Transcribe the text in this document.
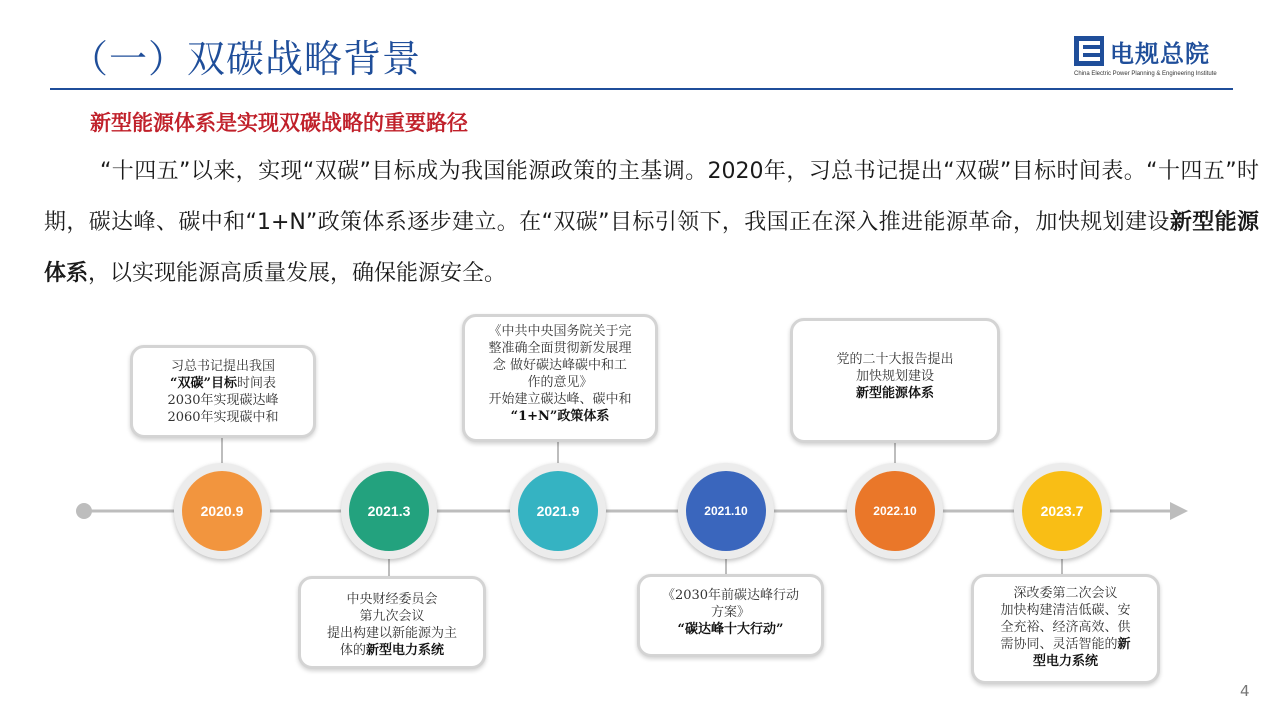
（一）双碳战略背景	电规总院
China Electric Power Planning & Engineering Institute
新型能源体系是实现双碳战略的重要路径
“十四五”以来，实现“双碳”目标成为我国能源政策的主基调。2020年，习总书记提出“双碳”目标时间表。“十四五”时期，碳达峰、碳中和“1+N”政策体系逐步建立。在“双碳”目标引领下，我国正在深入推进能源革命，加快规划建设新型能源体系，以实现能源高质量发展，确保能源安全。
2020.9	2021.3	2021.9	2021.10	2022.10	2023.7
习总书记提出我国
“双碳”目标时间表
2030年实现碳达峰
2060年实现碳中和
中央财经委员会
第九次会议
提出构建以新能源为主
体的新型电力系统
《中共中央国务院关于完
整准确全面贯彻新发展理
念 做好碳达峰碳中和工
作的意见》
开始建立碳达峰、碳中和
“1+N”政策体系
《2030年前碳达峰行动
方案》
“碳达峰十大行动”
党的二十大报告提出
加快规划建设
新型能源体系
深改委第二次会议
加快构建清洁低碳、安
全充裕、经济高效、供
需协同、灵活智能的新
型电力系统
4
